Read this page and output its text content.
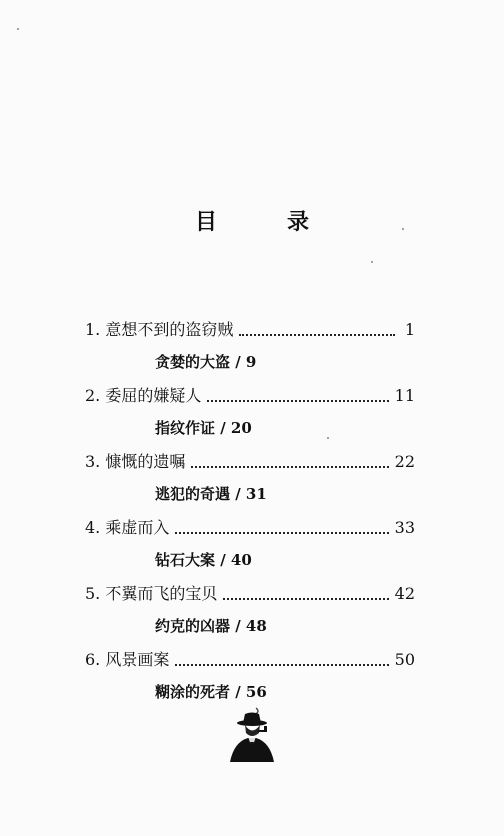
目	录
1. 意想不到的盗窃贼	1
贪婪的大盗 / 9
2. 委屈的嫌疑人	11
指纹作证 / 20
3. 慷慨的遗嘱	22
逃犯的奇遇 / 31
4. 乘虚而入	33
钻石大案 / 40
5. 不翼而飞的宝贝	42
约克的凶器 / 48
6. 风景画案	50
糊涂的死者 / 56
